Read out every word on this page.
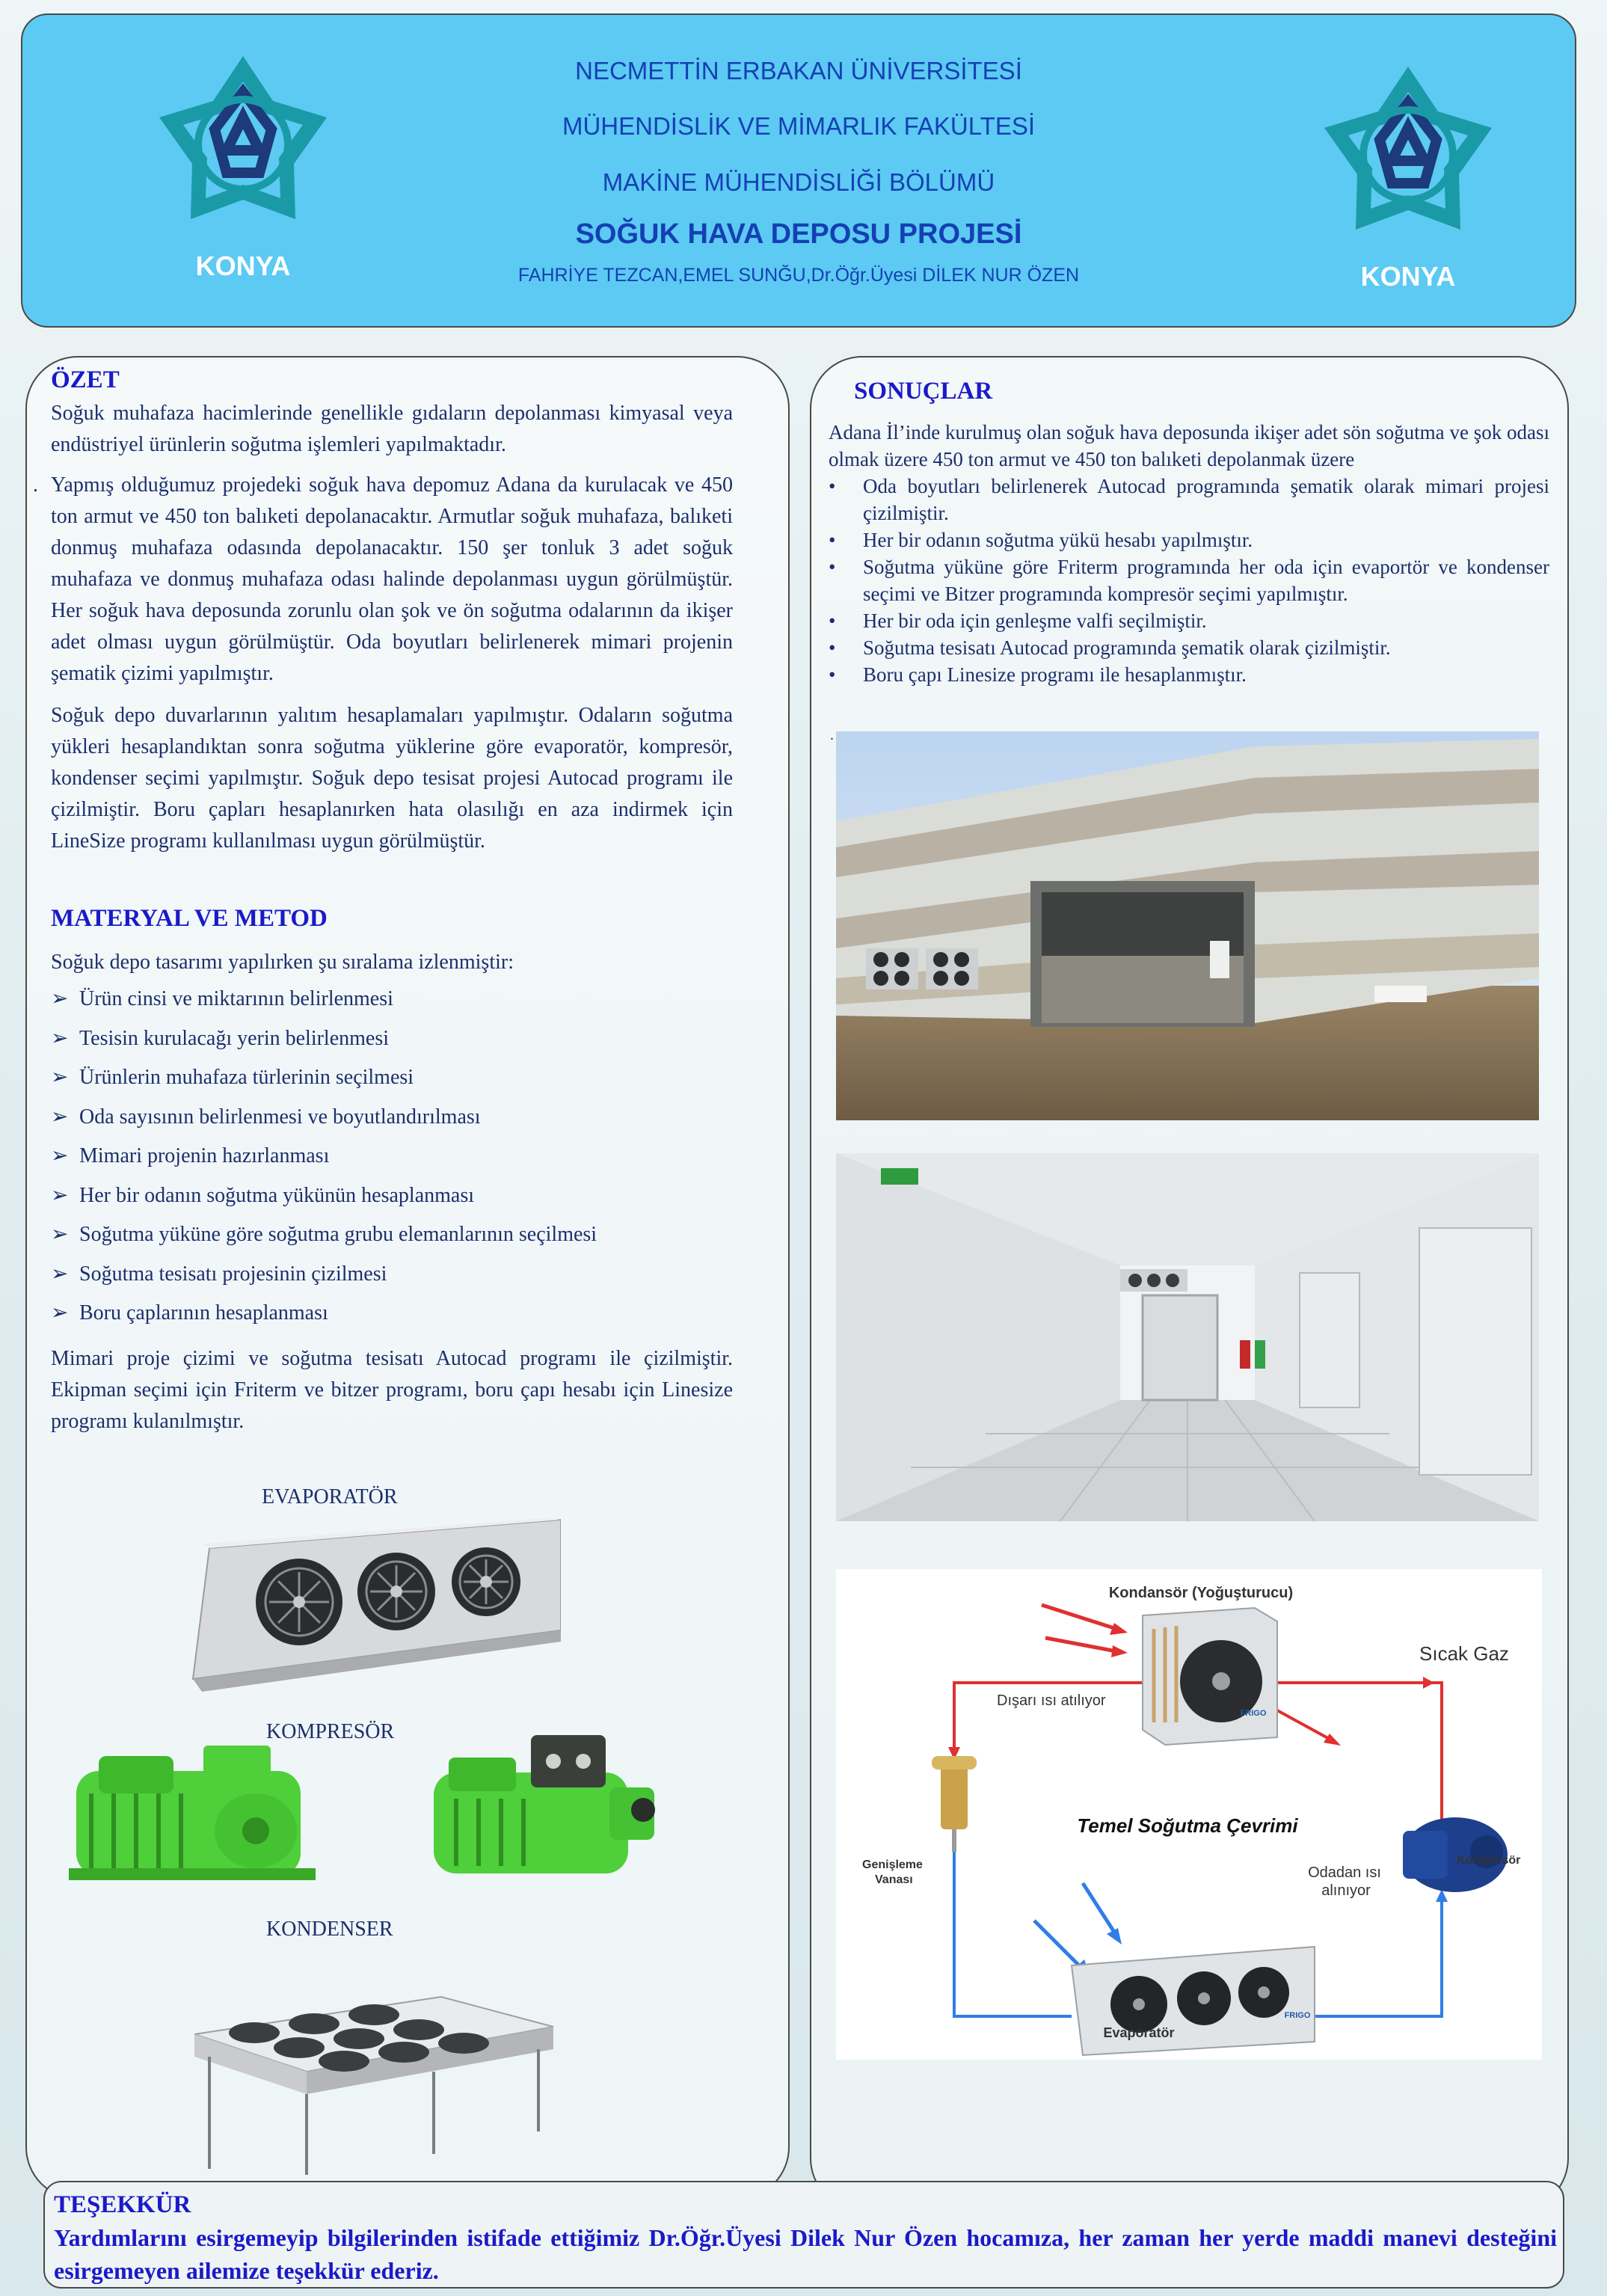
KONYA	KONYA
NECMETTİN ERBAKAN ÜNİVERSİTESİ
MÜHENDİSLİK VE MİMARLIK FAKÜLTESİ
MAKİNE MÜHENDİSLİĞİ BÖLÜMÜ
SOĞUK HAVA DEPOSU PROJESİ
FAHRİYE TEZCAN,EMEL SUNĞU,Dr.Öğr.Üyesi DİLEK NUR ÖZEN
ÖZET
Soğuk muhafaza hacimlerinde genellikle gıdaların depolanması kimyasal veya endüstriyel ürünlerin soğutma işlemleri yapılmaktadır.
. Yapmış olduğumuz projedeki soğuk hava depomuz Adana da kurulacak ve 450 ton armut ve 450 ton balıketi depolanacaktır. Armutlar soğuk muhafaza, balıketi donmuş muhafaza odasında depolanacaktır. 150 şer tonluk 3 adet soğuk muhafaza ve donmuş muhafaza odası halinde depolanması uygun görülmüştür. Her soğuk hava deposunda zorunlu olan şok ve ön soğutma odalarının da ikişer adet olması uygun görülmüştür. Oda boyutları belirlenerek mimari projenin şematik çizimi yapılmıştır.
Soğuk depo duvarlarının yalıtım hesaplamaları yapılmıştır. Odaların soğutma yükleri hesaplandıktan sonra soğutma yüklerine göre evaporatör, kompresör, kondenser seçimi yapılmıştır. Soğuk depo tesisat projesi Autocad programı ile çizilmiştir. Boru çapları hesaplanırken hata olasılığı en aza indirmek için LineSize programı kullanılması uygun görülmüştür.
MATERYAL VE METOD
Soğuk depo tasarımı yapılırken şu sıralama izlenmiştir:
➢ Ürün cinsi ve miktarının belirlenmesi
➢ Tesisin kurulacağı yerin belirlenmesi
➢ Ürünlerin muhafaza türlerinin seçilmesi
➢ Oda sayısının belirlenmesi ve boyutlandırılması
➢ Mimari projenin hazırlanması
➢ Her bir odanın soğutma yükünün hesaplanması
➢ Soğutma yüküne göre soğutma grubu elemanlarının seçilmesi
➢ Soğutma tesisatı projesinin çizilmesi
➢ Boru çaplarının hesaplanması
Mimari proje çizimi ve soğutma tesisatı Autocad programı ile çizilmiştir. Ekipman seçimi için Friterm ve bitzer programı, boru çapı hesabı için Linesize programı kulanılmıştır.
EVAPORATÖR
KOMPRESÖR
KONDENSER
SONUÇLAR
Adana İl’inde kurulmuş olan soğuk hava deposunda ikişer adet sön soğutma ve şok odası olmak üzere 450 ton armut ve 450 ton balıketi depolanmak üzere
•	Oda boyutları belirlenerek Autocad programında şematik olarak mimari projesi çizilmiştir.
•	Her bir odanın soğutma yükü hesabı yapılmıştır.
•	Soğutma yüküne göre Friterm programında her oda için evaportör ve kondenser seçimi ve Bitzer programında kompresör seçimi yapılmıştır.
•	Her bir oda için genleşme valfi seçilmiştir.
•	Soğutma tesisatı Autocad programında şematik olarak çizilmiştir.
•	Boru çapı Linesize programı ile hesaplanmıştır.
.
Kondansör (Yoğuşturucu)
Sıcak Gaz
Dışarı ısı atılıyor
Temel Soğutma Çevrimi
Genişleme
Vanası
Kompresör
Odadan ısı
alınıyor
Evaporatör
FRIGO
FRIGO
TEŞEKKÜR
Yardımlarını esirgemeyip bilgilerinden istifade ettiğimiz Dr.Öğr.Üyesi Dilek Nur Özen hocamıza, her zaman her yerde maddi manevi desteğini esirgemeyen ailemize teşekkür ederiz.
